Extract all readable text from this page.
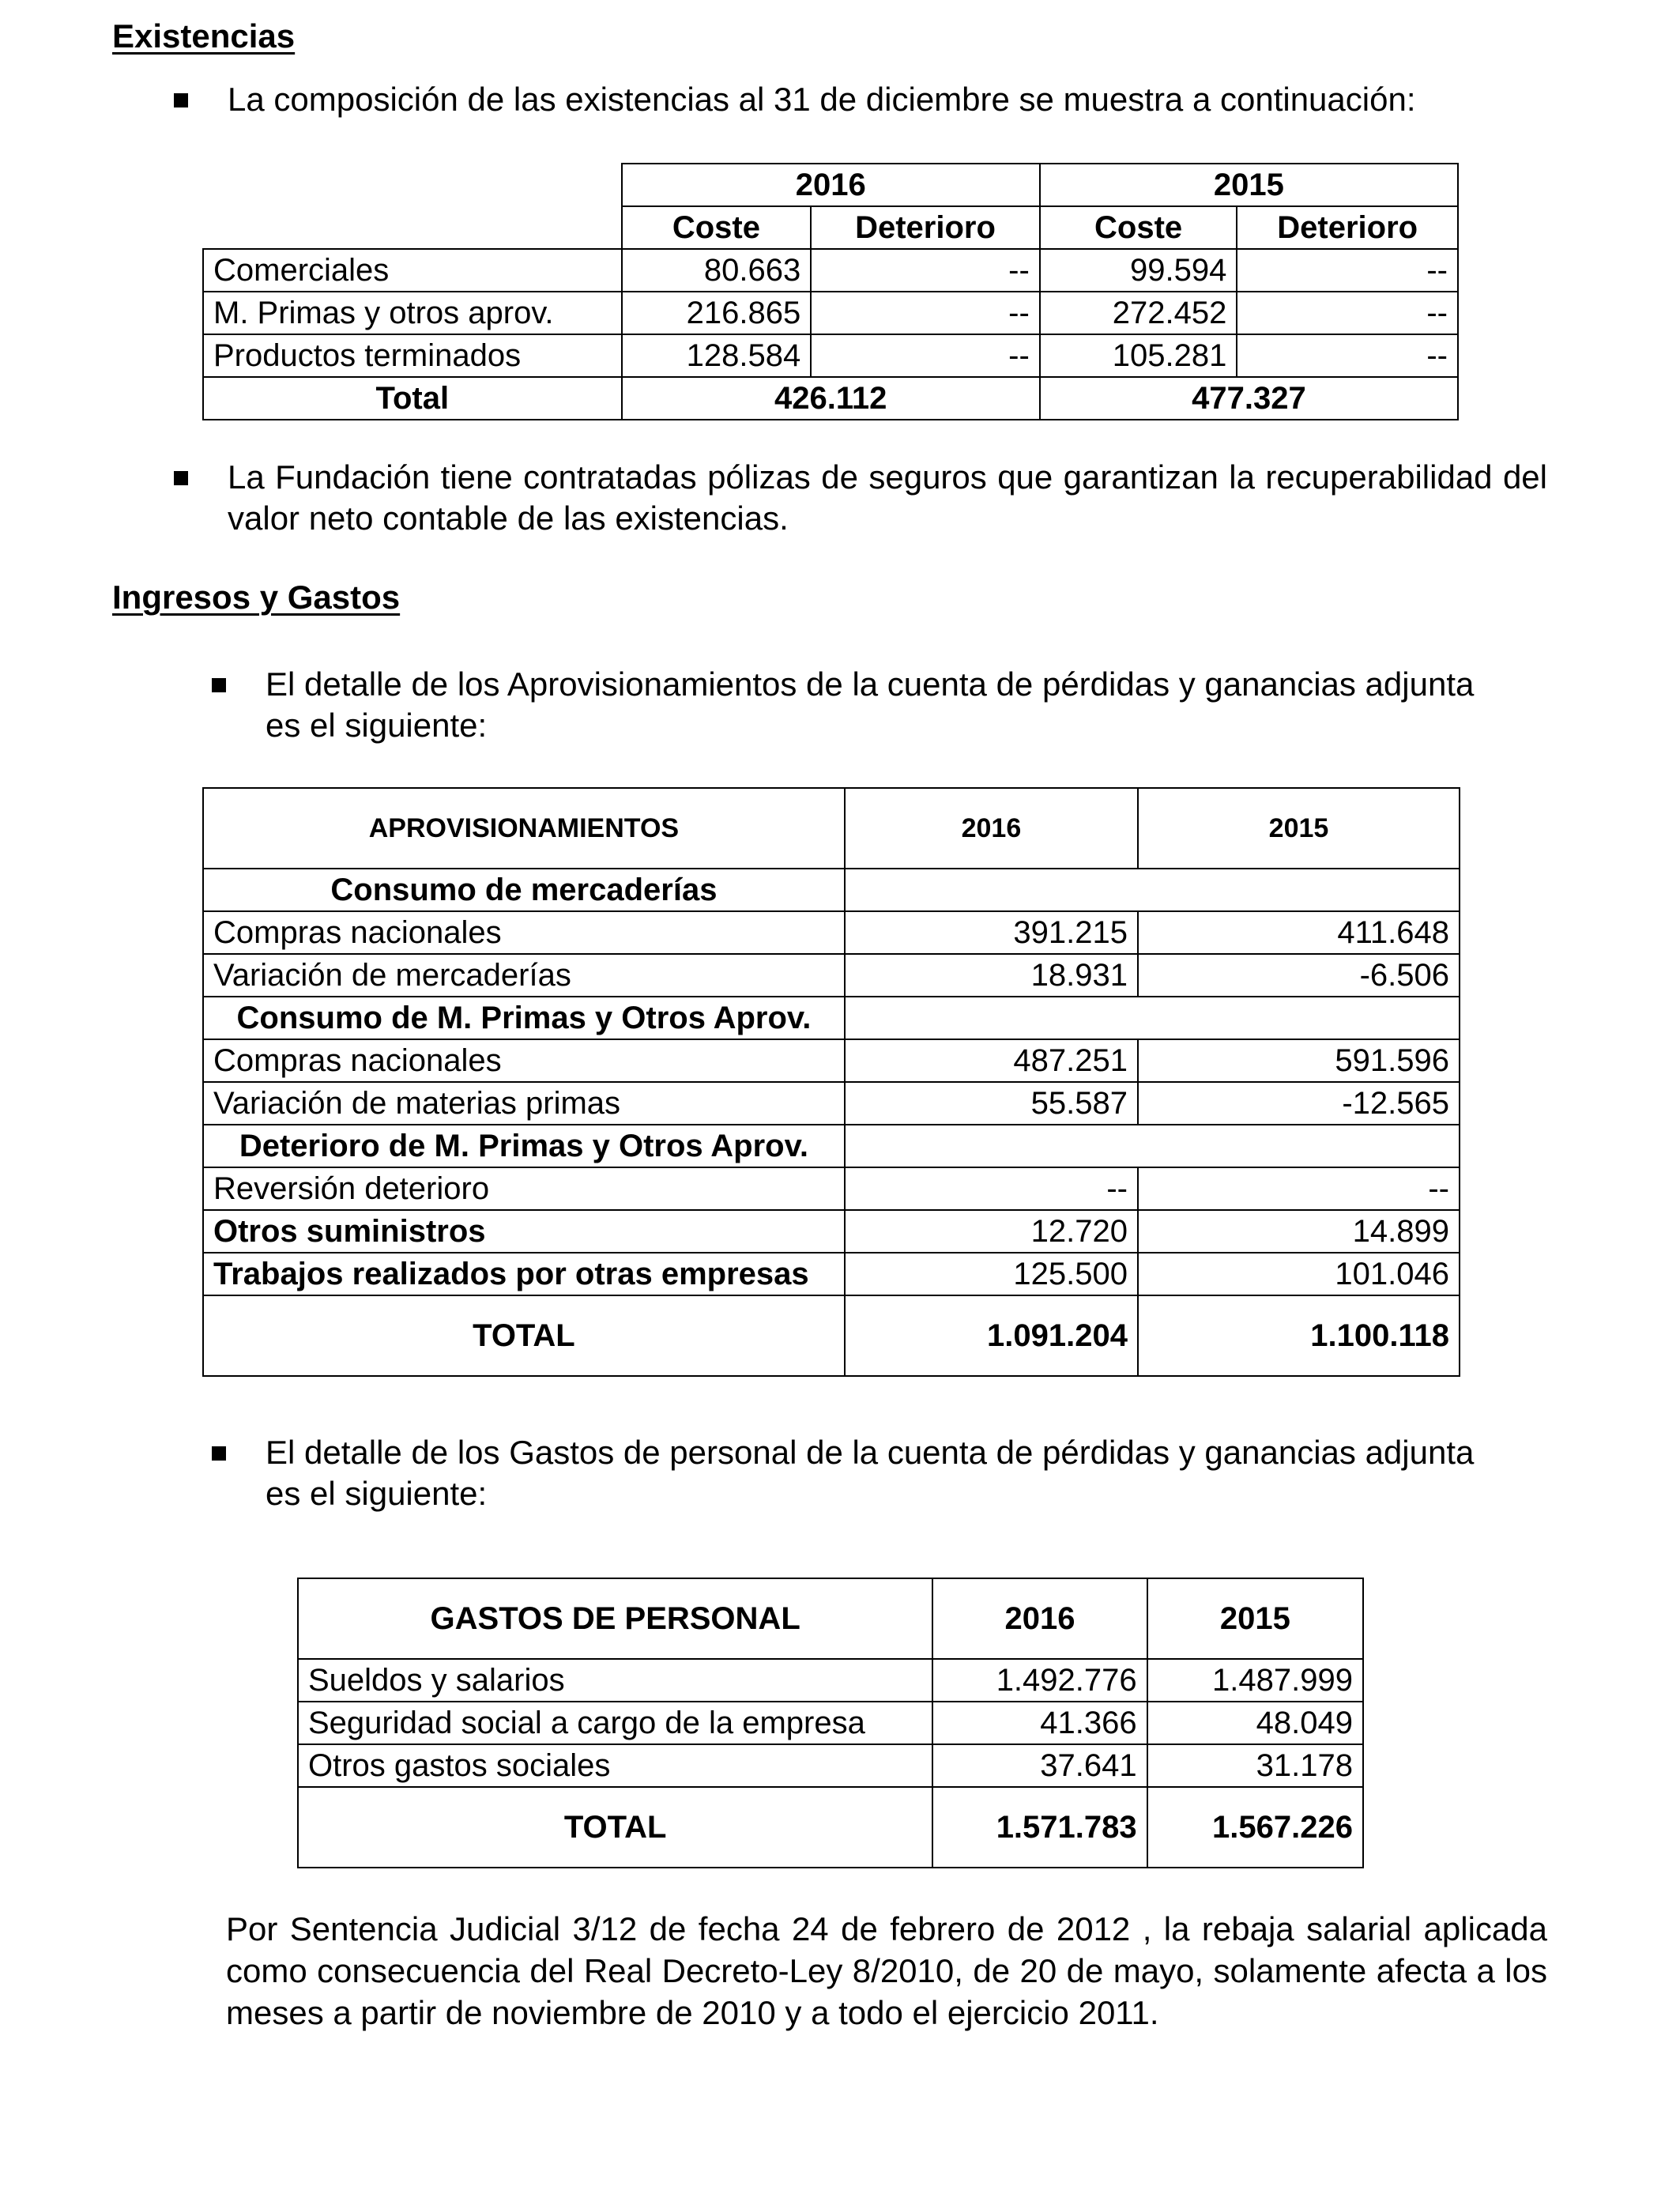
Existencias
La composición de las existencias al 31 de diciembre se muestra a continuación:
	2016		2015	
	Coste	Deterioro	Coste	Deterioro
Comerciales	80.663	--	99.594	--
M. Primas y otros aprov.	216.865	--	272.452	--
Productos terminados	128.584	--	105.281	--
Total	426.112		477.327	
La Fundación tiene contratadas pólizas de seguros que garantizan la recuperabilidad del valor neto contable de las existencias.
Ingresos y Gastos
El detalle de los Aprovisionamientos de la cuenta de pérdidas y ganancias adjunta es el siguiente:
APROVISIONAMIENTOS	2016	2015
Consumo de mercaderías		
Compras nacionales	391.215	411.648
Variación de mercaderías	18.931	-6.506
Consumo de M. Primas y Otros Aprov.		
Compras nacionales	487.251	591.596
Variación de materias primas	55.587	-12.565
Deterioro de M. Primas y Otros Aprov.		
Reversión deterioro	--	--
Otros suministros	12.720	14.899
Trabajos realizados por otras empresas	125.500	101.046
TOTAL	1.091.204	1.100.118
El detalle de los Gastos de personal de la cuenta de pérdidas y ganancias adjunta es el siguiente:
GASTOS DE PERSONAL	2016	2015
Sueldos y salarios	1.492.776	1.487.999
Seguridad social a cargo de la empresa	41.366	48.049
Otros gastos sociales	37.641	31.178
TOTAL	1.571.783	1.567.226

Por Sentencia Judicial 3/12 de fecha 24 de febrero de 2012 , la rebaja salarial aplicada como consecuencia del Real Decreto-Ley 8/2010, de 20 de mayo, solamente afecta a los meses a partir de noviembre de 2010 y a todo el ejercicio 2011.
